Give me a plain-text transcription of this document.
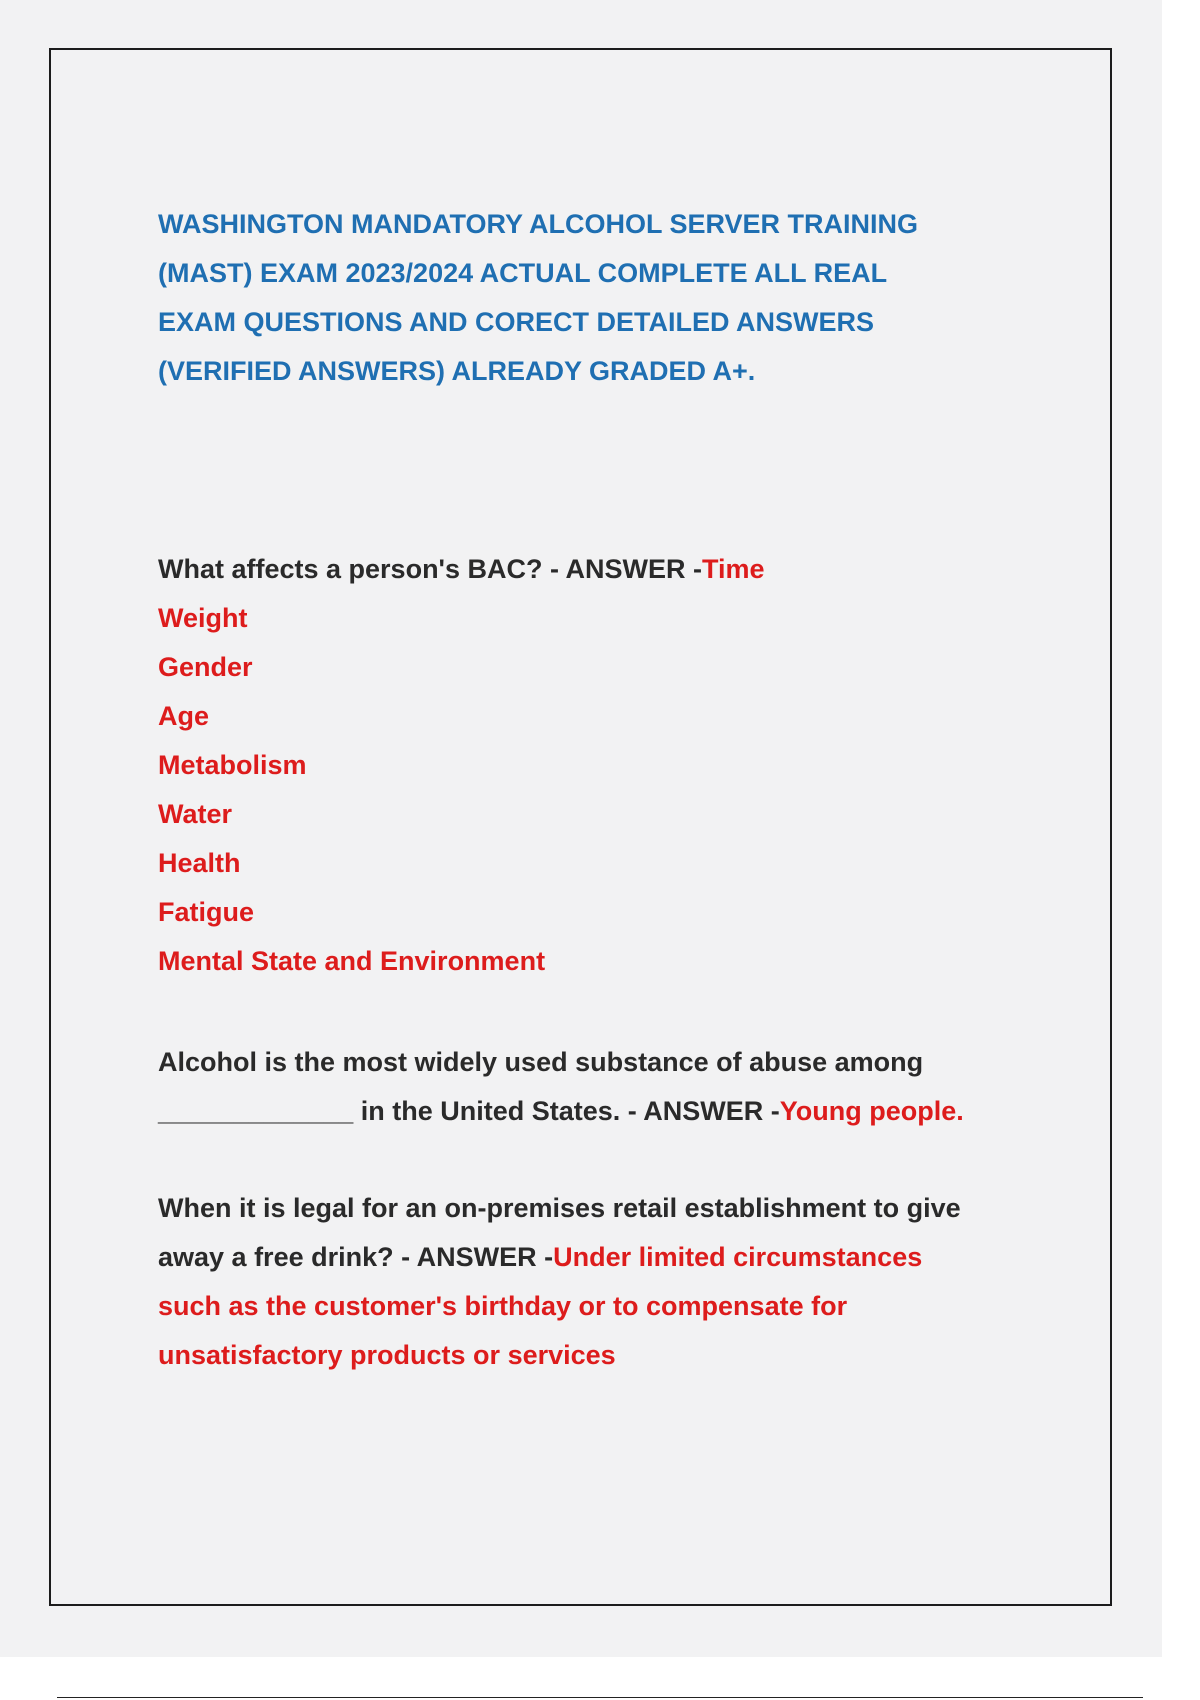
WASHINGTON MANDATORY ALCOHOL SERVER TRAINING
(MAST) EXAM 2023/2024 ACTUAL COMPLETE ALL REAL
EXAM QUESTIONS AND CORECT DETAILED ANSWERS
(VERIFIED ANSWERS) ALREADY GRADED A+.
What affects a person's BAC? - ANSWER -Time
Weight
Gender
Age
Metabolism
Water
Health
Fatigue
Mental State and Environment
Alcohol is the most widely used substance of abuse among
_____________ in the United States. - ANSWER -Young people.
When it is legal for an on-premises retail establishment to give
away a free drink? - ANSWER -Under limited circumstances
such as the customer's birthday or to compensate for
unsatisfactory products or services
